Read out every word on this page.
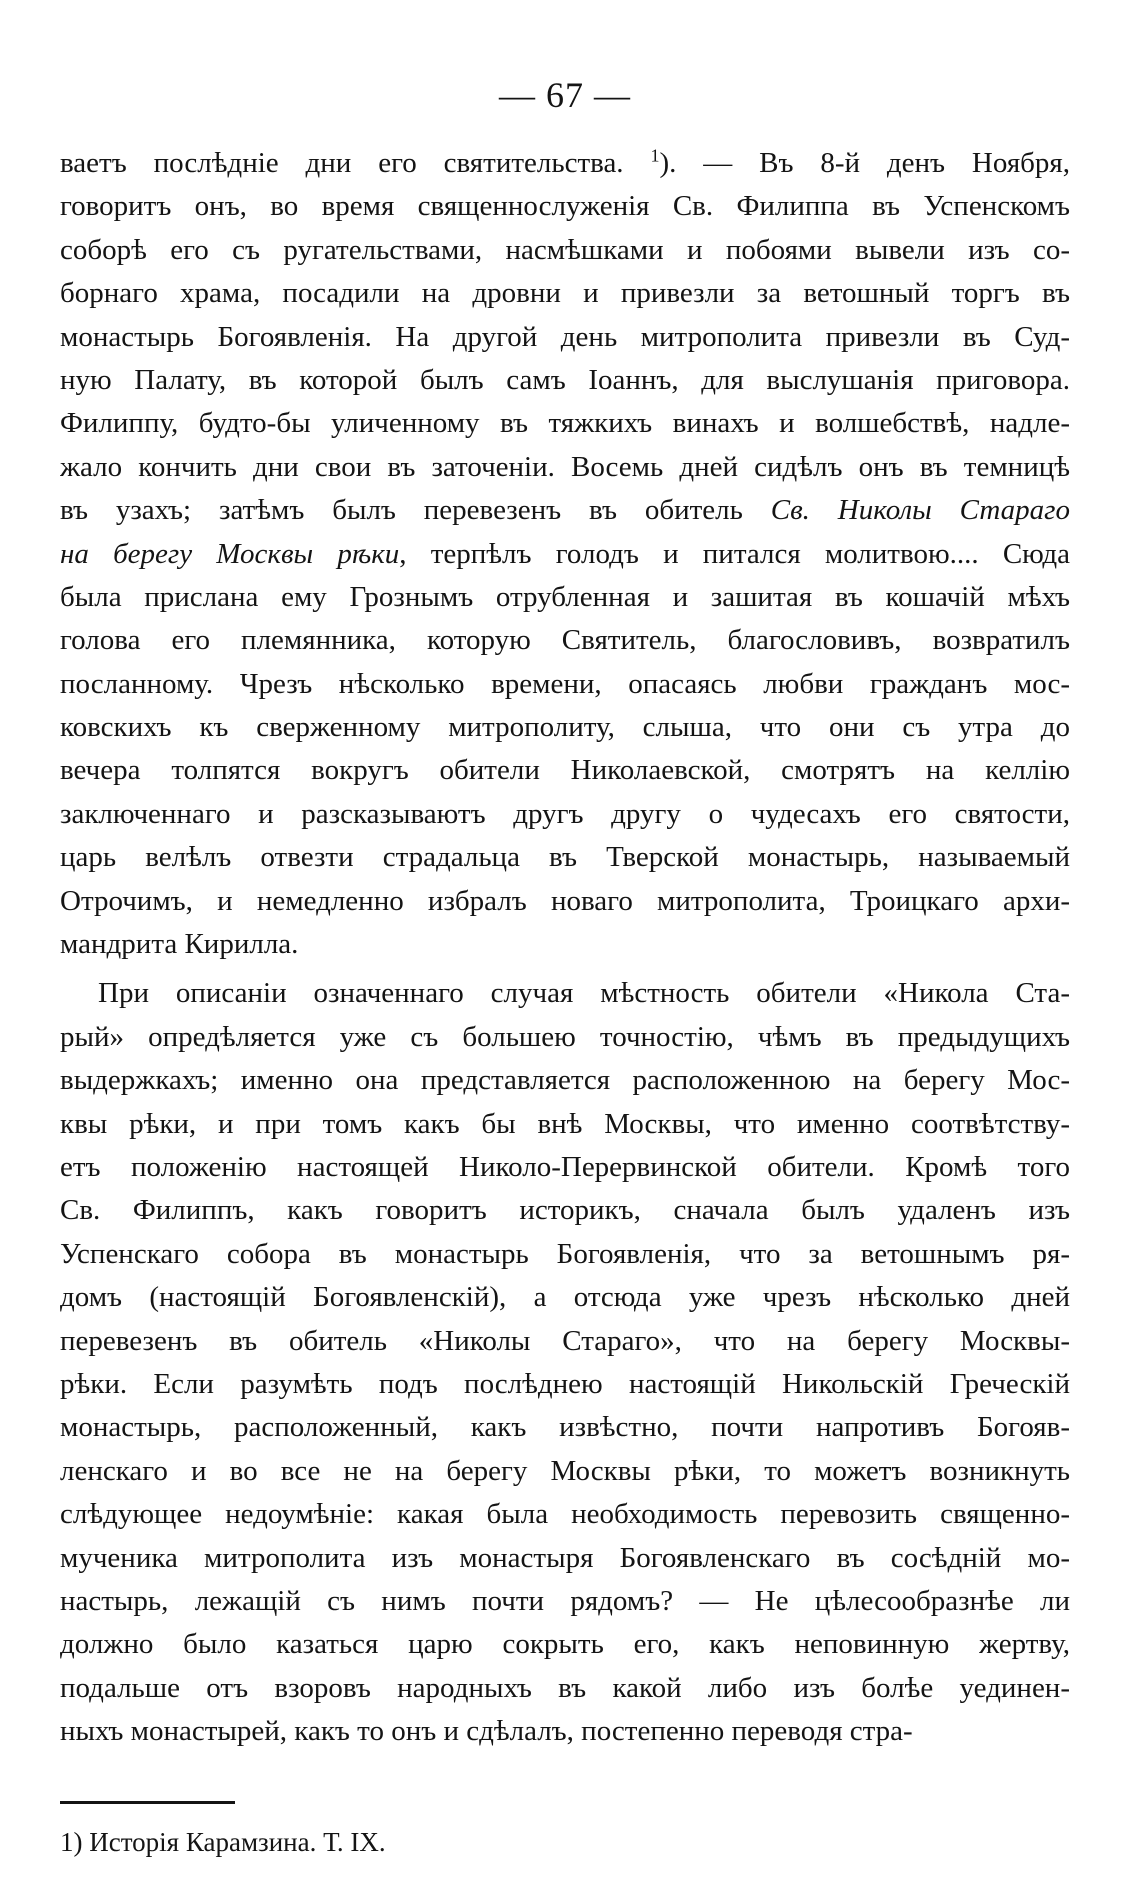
— 67 —
ваетъ послѣдніе дни его святительства. $^1$). — Въ 8-й денъ Ноября,
говоритъ онъ, во время священнослуженія Св. Филиппа въ Успенскомъ
соборѣ его съ ругательствами, насмѣшками и побоями вывели изъ со-
борнаго храма, посадили на дровни и привезли за ветошный торгъ въ
монастырь Богоявленія. На другой день митрополита привезли въ Суд-
ную Палату, въ которой былъ самъ Іоаннъ, для выслушанія приговора.
Филиппу, будто-бы уличенному въ тяжкихъ винахъ и волшебствѣ, надле-
жало кончить дни свои въ заточеніи. Восемь дней сидѣлъ онъ въ темницѣ
въ узахъ; затѣмъ былъ перевезенъ въ обитель Св. Николы Стараго
на берегу Москвы рѣки, терпѣлъ голодъ и питался молитвою.... Сюда
была прислана ему Грознымъ отрубленная и зашитая въ кошачій мѣхъ
голова его племянника, которую Святитель, благословивъ, возвратилъ
посланному. Чрезъ нѣсколько времени, опасаясь любви гражданъ мос-
ковскихъ къ сверженному митрополиту, слыша, что они съ утра до
вечера толпятся вокругъ обители Николаевской, смотрятъ на келлію
заключеннаго и разсказываютъ другъ другу о чудесахъ его святости,
царь велѣлъ отвезти страдальца въ Тверской монастырь, называемый
Отрочимъ, и немедленно избралъ новаго митрополита, Троицкаго архи-
мандрита Кирилла.
При описаніи означеннаго случая мѣстность обители «Никола Ста-
рый» опредѣляется уже съ большею точностію, чѣмъ въ предыдущихъ
выдержкахъ; именно она представляется расположенною на берегу Мос-
квы рѣки, и при томъ какъ бы внѣ Москвы, что именно соотвѣтству-
етъ положенію настоящей Николо-Перервинской обители. Кромѣ того
Св. Филиппъ, какъ говоритъ историкъ, сначала былъ удаленъ изъ
Успенскаго собора въ монастырь Богоявленія, что за ветошнымъ ря-
домъ (настоящій Богоявленскій), а отсюда уже чрезъ нѣсколько дней
перевезенъ въ обитель «Николы Стараго», что на берегу Москвы-
рѣки. Если разумѣть подъ послѣднею настоящій Никольскій Греческій
монастырь, расположенный, какъ извѣстно, почти напротивъ Богояв-
ленскаго и во все не на берегу Москвы рѣки, то можетъ возникнуть
слѣдующее недоумѣніе: какая была необходимость перевозить священно-
мученика митрополита изъ монастыря Богоявленскаго въ сосѣдній мо-
настырь, лежащій съ нимъ почти рядомъ? — Не цѣлесообразнѣе ли
должно было казаться царю сокрыть его, какъ неповинную жертву,
подальше отъ взоровъ народныхъ въ какой либо изъ болѣе уединен-
ныхъ монастырей, какъ то онъ и сдѣлалъ, постепенно переводя стра-
1) Исторія Карамзина. Т. IX.
